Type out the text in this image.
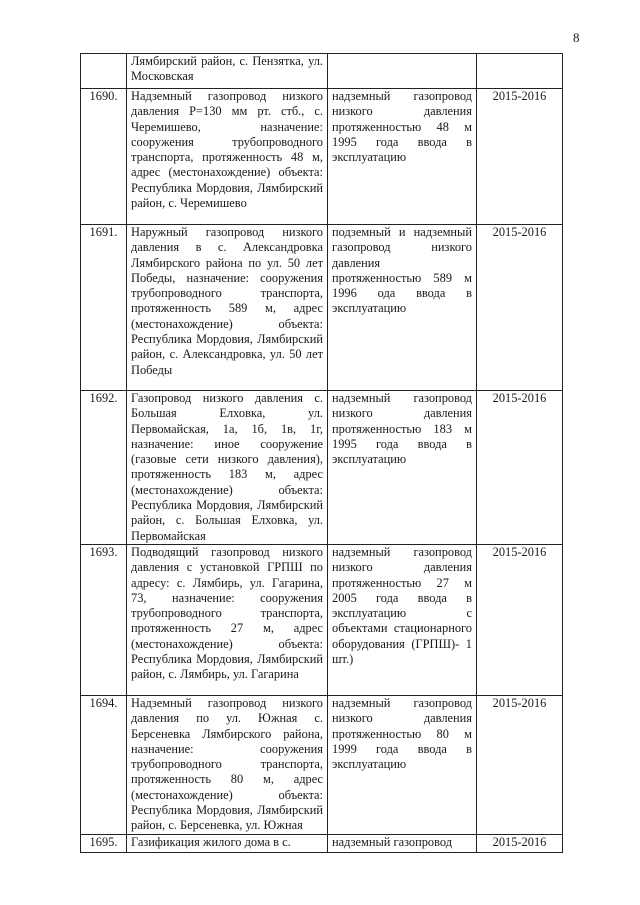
8
	Лямбирский район, с. Пензятка, ул. Московская		
1690.	Надземный газопровод низкого давления Р=130 мм рт. стб., с. Черемишево, назначение: сооружения трубопроводного транспорта, протяженность 48 м, адрес (местонахождение) объекта: Республика Мордовия, Лямбирский район, с. Черемишево	надземный газопровод низкого давления протяженностью 48 м 1995 года ввода в эксплуатацию	2015-2016
1691.	Наружный газопровод низкого давления в с. Александровка Лямбирского района по ул. 50 лет Победы, назначение: сооружения трубопроводного транспорта, протяженность 589 м, адрес (местонахождение) объекта: Республика Мордовия, Лямбирский район, с. Александровка, ул. 50 лет Победы	подземный и надземный газопровод низкого давления протяженностью 589 м 1996 ода ввода в эксплуатацию	2015-2016
1692.	Газопровод низкого давления с. Большая Елховка, ул. Первомайская, 1а, 1б, 1в, 1г, назначение: иное сооружение (газовые сети низкого давления), протяженность 183 м, адрес (местонахождение) объекта: Республика Мордовия, Лямбирский район, с. Большая Елховка, ул. Первомайская	надземный газопровод низкого давления протяженностью 183 м 1995 года ввода в эксплуатацию	2015-2016
1693.	Подводящий газопровод низкого давления с установкой ГРПШ по адресу: с. Лямбирь, ул. Гагарина, 73, назначение: сооружения трубопроводного транспорта, протяженность 27 м, адрес (местонахождение) объекта: Республика Мордовия, Лямбирский район, с. Лямбирь, ул. Гагарина	надземный газопровод низкого давления протяженностью 27 м 2005 года ввода в эксплуатацию с объектами стационарного оборудования (ГРПШ)- 1 шт.)	2015-2016
1694.	Надземный газопровод низкого давления по ул. Южная с. Берсеневка Лямбирского района, назначение: сооружения трубопроводного транспорта, протяженность 80 м, адрес (местонахождение) объекта: Республика Мордовия, Лямбирский район, с. Берсеневка, ул. Южная	надземный газопровод низкого давления протяженностью 80 м 1999 года ввода в эксплуатацию	2015-2016
1695.	Газификация жилого дома в с.	надземный газопровод	2015-2016
